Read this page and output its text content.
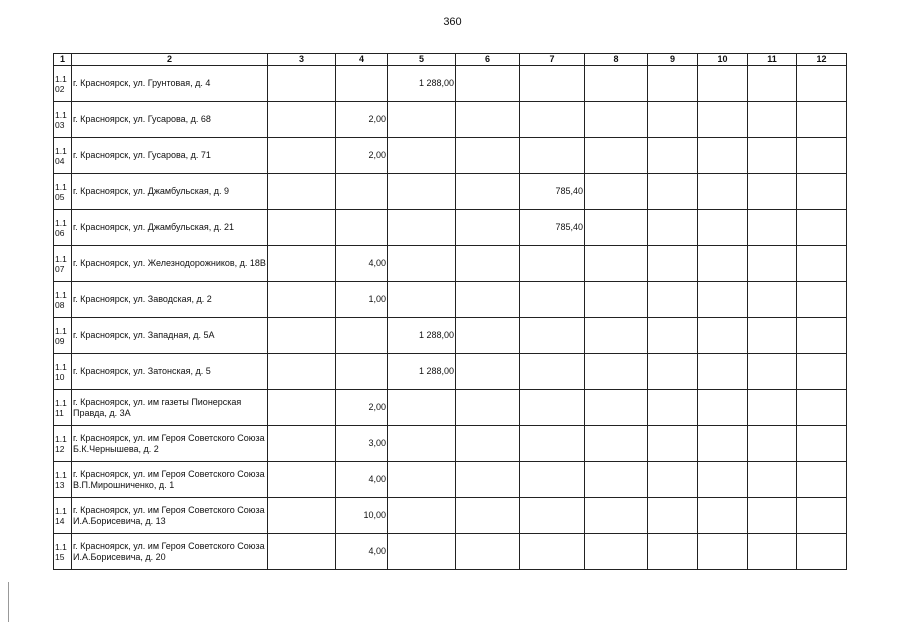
360
1	2	3	4	5	6	7	8	9	10	11	12
1.1
02	г. Красноярск, ул. Грунтовая, д. 4			1 288,00							
1.1
03	г. Красноярск, ул. Гусарова, д. 68		2,00								
1.1
04	г. Красноярск, ул. Гусарова, д. 71		2,00								
1.1
05	г. Красноярск, ул. Джамбульская, д. 9					785,40					
1.1
06	г. Красноярск, ул. Джамбульская, д. 21					785,40					
1.1
07	г. Красноярск, ул. Железнодорожников, д. 18В		4,00								
1.1
08	г. Красноярск, ул. Заводская, д. 2		1,00								
1.1
09	г. Красноярск, ул. Западная, д. 5А			1 288,00							
1.1
10	г. Красноярск, ул. Затонская, д. 5			1 288,00							
1.1
11	г. Красноярск, ул. им газеты Пионерская Правда, д. 3А		2,00								
1.1
12	г. Красноярск, ул. им Героя Советского Союза Б.К.Чернышева, д. 2		3,00								
1.1
13	г. Красноярск, ул. им Героя Советского Союза В.П.Мирошниченко, д. 1		4,00								
1.1
14	г. Красноярск, ул. им Героя Советского Союза И.А.Борисевича, д. 13		10,00								
1.1
15	г. Красноярск, ул. им Героя Советского Союза И.А.Борисевича, д. 20		4,00								
